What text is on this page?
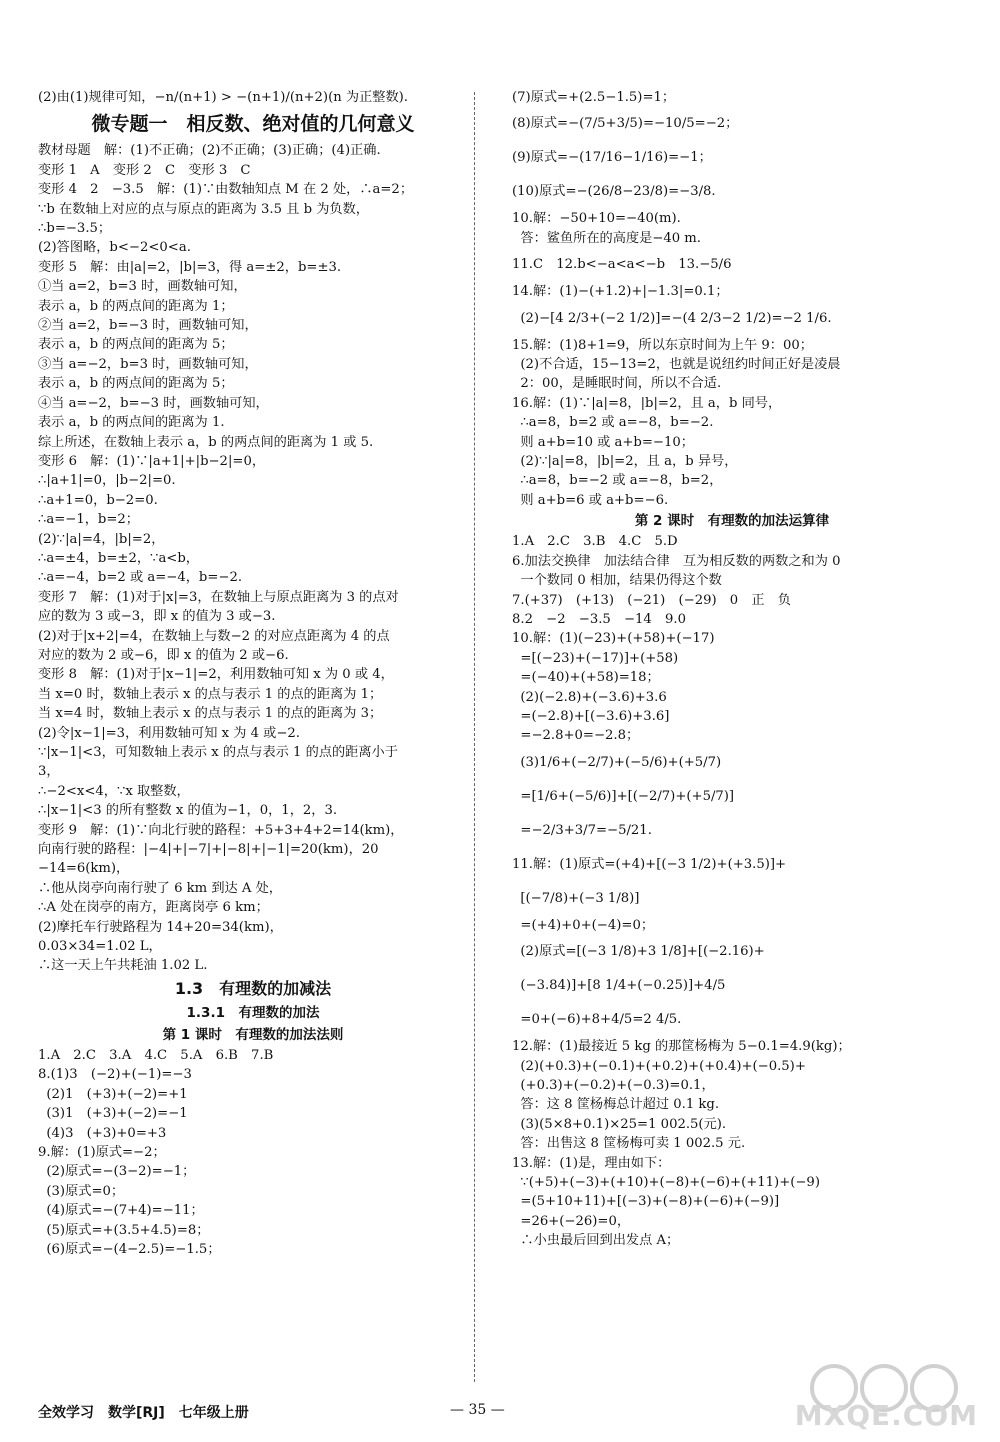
(2)由(1)规律可知，−n/(n+1) > −(n+1)/(n+2)(n 为正整数).
微专题一　相反数、绝对值的几何意义
教材母题　解：(1)不正确；(2)不正确；(3)正确；(4)正确.
变形 1　A　变形 2　C　变形 3　C
变形 4　2　−3.5　解：(1)∵由数轴知点 M 在 2 处，∴a=2；
∵b 在数轴上对应的点与原点的距离为 3.5 且 b 为负数，
∴b=−3.5；
(2)答图略，b<−2<0<a.
变形 5　解：由|a|=2，|b|=3，得 a=±2，b=±3.
①当 a=2，b=3 时，画数轴可知，
表示 a，b 的两点间的距离为 1；
②当 a=2，b=−3 时，画数轴可知，
表示 a，b 的两点间的距离为 5；
③当 a=−2，b=3 时，画数轴可知，
表示 a，b 的两点间的距离为 5；
④当 a=−2，b=−3 时，画数轴可知，
表示 a，b 的两点间的距离为 1.
综上所述，在数轴上表示 a，b 的两点间的距离为 1 或 5.
变形 6　解：(1)∵|a+1|+|b−2|=0，
∴|a+1|=0，|b−2|=0.
∴a+1=0，b−2=0.
∴a=−1，b=2；
(2)∵|a|=4，|b|=2，
∴a=±4，b=±2，∵a<b，
∴a=−4，b=2 或 a=−4，b=−2.
变形 7　解：(1)对于|x|=3，在数轴上与原点距离为 3 的点对
应的数为 3 或−3，即 x 的值为 3 或−3.
(2)对于|x+2|=4，在数轴上与数−2 的对应点距离为 4 的点
对应的数为 2 或−6，即 x 的值为 2 或−6.
变形 8　解：(1)对于|x−1|=2，利用数轴可知 x 为 0 或 4，
当 x=0 时，数轴上表示 x 的点与表示 1 的点的距离为 1；
当 x=4 时，数轴上表示 x 的点与表示 1 的点的距离为 3；
(2)令|x−1|=3，利用数轴可知 x 为 4 或−2.
∵|x−1|<3，可知数轴上表示 x 的点与表示 1 的点的距离小于
3，
∴−2<x<4，∵x 取整数，
∴|x−1|<3 的所有整数 x 的值为−1，0，1，2，3.
变形 9　解：(1)∵向北行驶的路程：+5+3+4+2=14(km)，
向南行驶的路程：|−4|+|−7|+|−8|+|−1|=20(km)，20
−14=6(km)，
∴他从岗亭向南行驶了 6 km 到达 A 处，
∴A 处在岗亭的南方，距离岗亭 6 km；
(2)摩托车行驶路程为 14+20=34(km)，
0.03×34=1.02 L，
∴这一天上午共耗油 1.02 L.
1.3　有理数的加减法
1.3.1　有理数的加法
第 1 课时　有理数的加法法则
1.A　2.C　3.A　4.C　5.A　6.B　7.B
8.(1)3　(−2)+(−1)=−3
(2)1　(+3)+(−2)=+1
(3)1　(+3)+(−2)=−1
(4)3　(+3)+0=+3
9.解：(1)原式=−2；
(2)原式=−(3−2)=−1；
(3)原式=0；
(4)原式=−(7+4)=−11；
(5)原式=+(3.5+4.5)=8；
(6)原式=−(4−2.5)=−1.5；
(7)原式=+(2.5−1.5)=1；
(8)原式=−(7/5+3/5)=−10/5=−2；
(9)原式=−(17/16−1/16)=−1；
(10)原式=−(26/8−23/8)=−3/8.
10.解：−50+10=−40(m).
答：鲨鱼所在的高度是−40 m.
11.C　12.b<−a<a<−b　13.−5/6
14.解：(1)−(+1.2)+|−1.3|=0.1；
(2)−[4 2/3+(−2 1/2)]=−(4 2/3−2 1/2)=−2 1/6.
15.解：(1)8+1=9，所以东京时间为上午 9：00；
(2)不合适，15−13=2，也就是说纽约时间正好是凌晨
2：00，是睡眠时间，所以不合适.
16.解：(1)∵|a|=8，|b|=2，且 a，b 同号，
∴a=8，b=2 或 a=−8，b=−2.
则 a+b=10 或 a+b=−10；
(2)∵|a|=8，|b|=2，且 a，b 异号，
∴a=8，b=−2 或 a=−8，b=2，
则 a+b=6 或 a+b=−6.
第 2 课时　有理数的加法运算律
1.A　2.C　3.B　4.C　5.D
6.加法交换律　加法结合律　互为相反数的两数之和为 0
一个数同 0 相加，结果仍得这个数
7.(+37)　(+13)　(−21)　(−29)　0　正　负
8.2　−2　−3.5　−14　9.0
10.解：(1)(−23)+(+58)+(−17)
=[(−23)+(−17)]+(+58)
=(−40)+(+58)=18；
(2)(−2.8)+(−3.6)+3.6
=(−2.8)+[(−3.6)+3.6]
=−2.8+0=−2.8；
(3)1/6+(−2/7)+(−5/6)+(+5/7)
=[1/6+(−5/6)]+[(−2/7)+(+5/7)]
=−2/3+3/7=−5/21.
11.解：(1)原式=(+4)+[(−3 1/2)+(+3.5)]+
[(−7/8)+(−3 1/8)]
=(+4)+0+(−4)=0；
(2)原式=[(−3 1/8)+3 1/8]+[(−2.16)+
(−3.84)]+[8 1/4+(−0.25)]+4/5
=0+(−6)+8+4/5=2 4/5.
12.解：(1)最接近 5 kg 的那筐杨梅为 5−0.1=4.9(kg)；
(2)(+0.3)+(−0.1)+(+0.2)+(+0.4)+(−0.5)+
(+0.3)+(−0.2)+(−0.3)=0.1，
答：这 8 筐杨梅总计超过 0.1 kg.
(3)(5×8+0.1)×25=1 002.5(元).
答：出售这 8 筐杨梅可卖 1 002.5 元.
13.解：(1)是，理由如下：
∵(+5)+(−3)+(+10)+(−8)+(−6)+(+11)+(−9)
=(5+10+11)+[(−3)+(−8)+(−6)+(−9)]
=26+(−26)=0，
∴小虫最后回到出发点 A；
全效学习　数学[RJ]　七年级上册	— 35 —	MXQE.COM
